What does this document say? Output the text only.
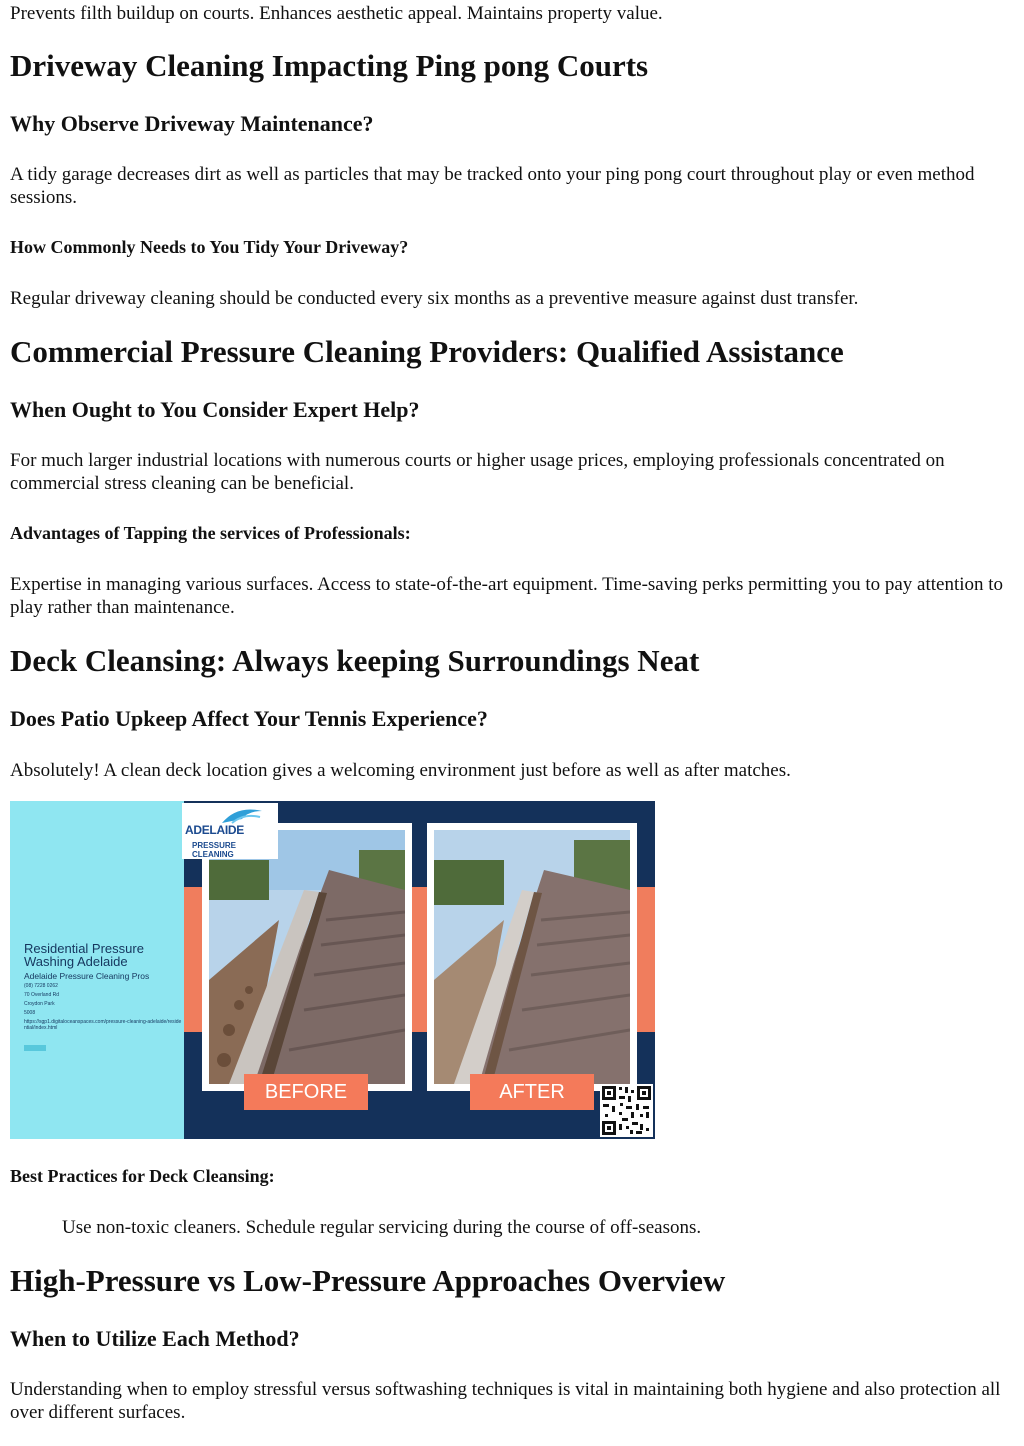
Prevents filth buildup on courts. Enhances aesthetic appeal. Maintains property value.

Driveway Cleaning Impacting Ping pong Courts
Why Observe Driveway Maintenance?

A tidy garage decreases dirt as well as particles that may be tracked onto your ping pong court throughout play or even method sessions.

How Commonly Needs to You Tidy Your Driveway?

Regular driveway cleaning should be conducted every six months as a preventive measure against dust transfer.

Commercial Pressure Cleaning Providers: Qualified Assistance
When Ought to You Consider Expert Help?

For much larger industrial locations with numerous courts or higher usage prices, employing professionals concentrated on commercial stress cleaning can be beneficial.

Advantages of Tapping the services of Professionals:

Expertise in managing various surfaces. Access to state-of-the-art equipment. Time-saving perks permitting you to pay attention to play rather than maintenance.

Deck Cleansing: Always keeping Surroundings Neat
Does Patio Upkeep Affect Your Tennis Experience?

Absolutely! A clean deck location gives a welcoming environment just before as well as after matches.

Residential Pressure Washing Adelaide
Adelaide Pressure Cleaning Pros
(08) 7228 0262
70 Overland Rd
Croydon Park
5008
https://sgp1.digitaloceanspaces.com/pressure-cleaning-adelaide/residential/index.html
ADELAIDE
PRESSURE CLEANING
BEFORE	AFTER
Best Practices for Deck Cleansing:

Use non-toxic cleaners. Schedule regular servicing during the course of off-seasons.

High-Pressure vs Low-Pressure Approaches Overview
When to Utilize Each Method?

Understanding when to employ stressful versus softwashing techniques is vital in maintaining both hygiene and also protection all over different surfaces.
